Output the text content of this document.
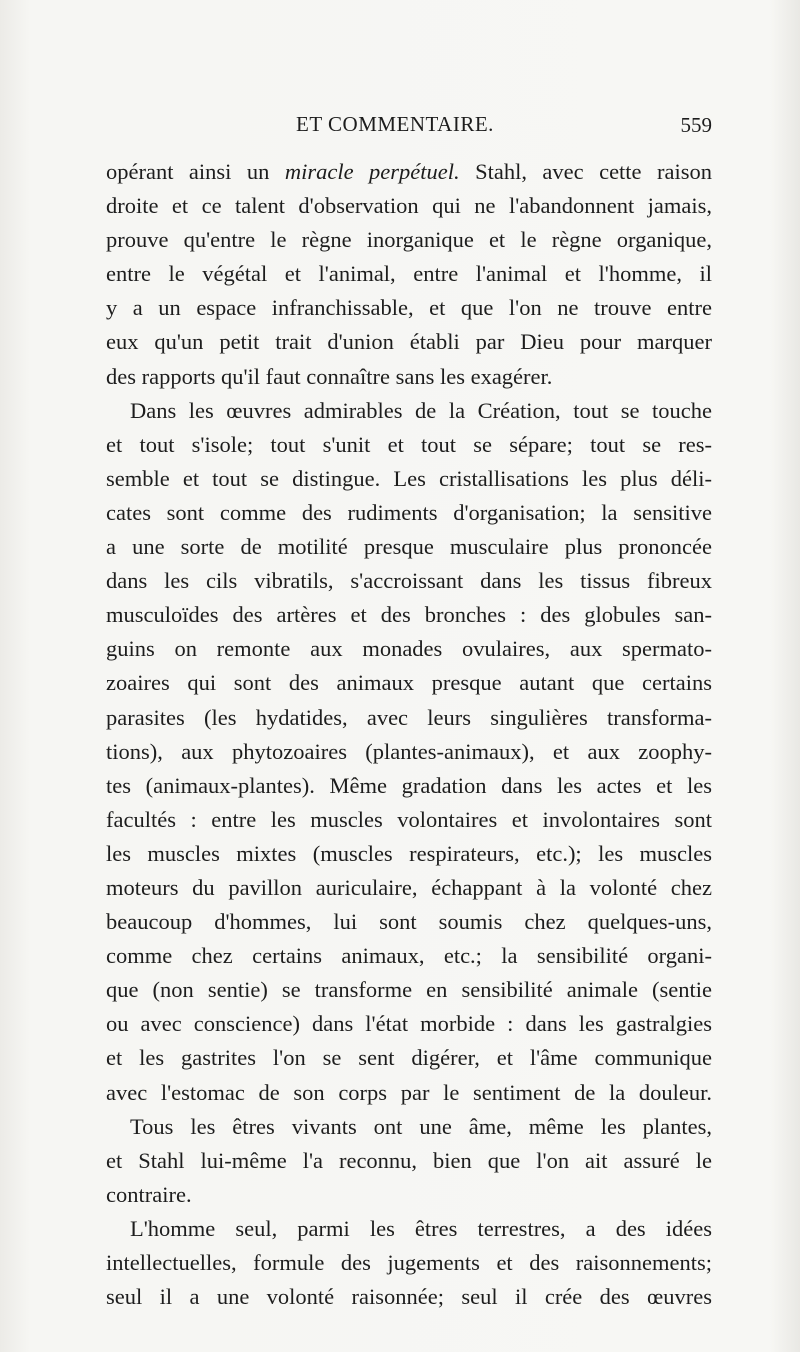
ET COMMENTAIRE.	559
opérant ainsi un miracle perpétuel. Stahl, avec cette raison
droite et ce talent d'observation qui ne l'abandonnent jamais,
prouve qu'entre le règne inorganique et le règne organique,
entre le végétal et l'animal, entre l'animal et l'homme, il
y a un espace infranchissable, et que l'on ne trouve entre
eux qu'un petit trait d'union établi par Dieu pour marquer
des rapports qu'il faut connaître sans les exagérer.
Dans les œuvres admirables de la Création, tout se touche
et tout s'isole; tout s'unit et tout se sépare; tout se res-
semble et tout se distingue. Les cristallisations les plus déli-
cates sont comme des rudiments d'organisation; la sensitive
a une sorte de motilité presque musculaire plus prononcée
dans les cils vibratils, s'accroissant dans les tissus fibreux
musculoïdes des artères et des bronches : des globules san-
guins on remonte aux monades ovulaires, aux spermato-
zoaires qui sont des animaux presque autant que certains
parasites (les hydatides, avec leurs singulières transforma-
tions), aux phytozoaires (plantes-animaux), et aux zoophy-
tes (animaux-plantes). Même gradation dans les actes et les
facultés : entre les muscles volontaires et involontaires sont
les muscles mixtes (muscles respirateurs, etc.); les muscles
moteurs du pavillon auriculaire, échappant à la volonté chez
beaucoup d'hommes, lui sont soumis chez quelques-uns,
comme chez certains animaux, etc.; la sensibilité organi-
que (non sentie) se transforme en sensibilité animale (sentie
ou avec conscience) dans l'état morbide : dans les gastralgies
et les gastrites l'on se sent digérer, et l'âme communique
avec l'estomac de son corps par le sentiment de la douleur.
Tous les êtres vivants ont une âme, même les plantes,
et Stahl lui-même l'a reconnu, bien que l'on ait assuré le
contraire.
L'homme seul, parmi les êtres terrestres, a des idées
intellectuelles, formule des jugements et des raisonnements;
seul il a une volonté raisonnée; seul il crée des œuvres
